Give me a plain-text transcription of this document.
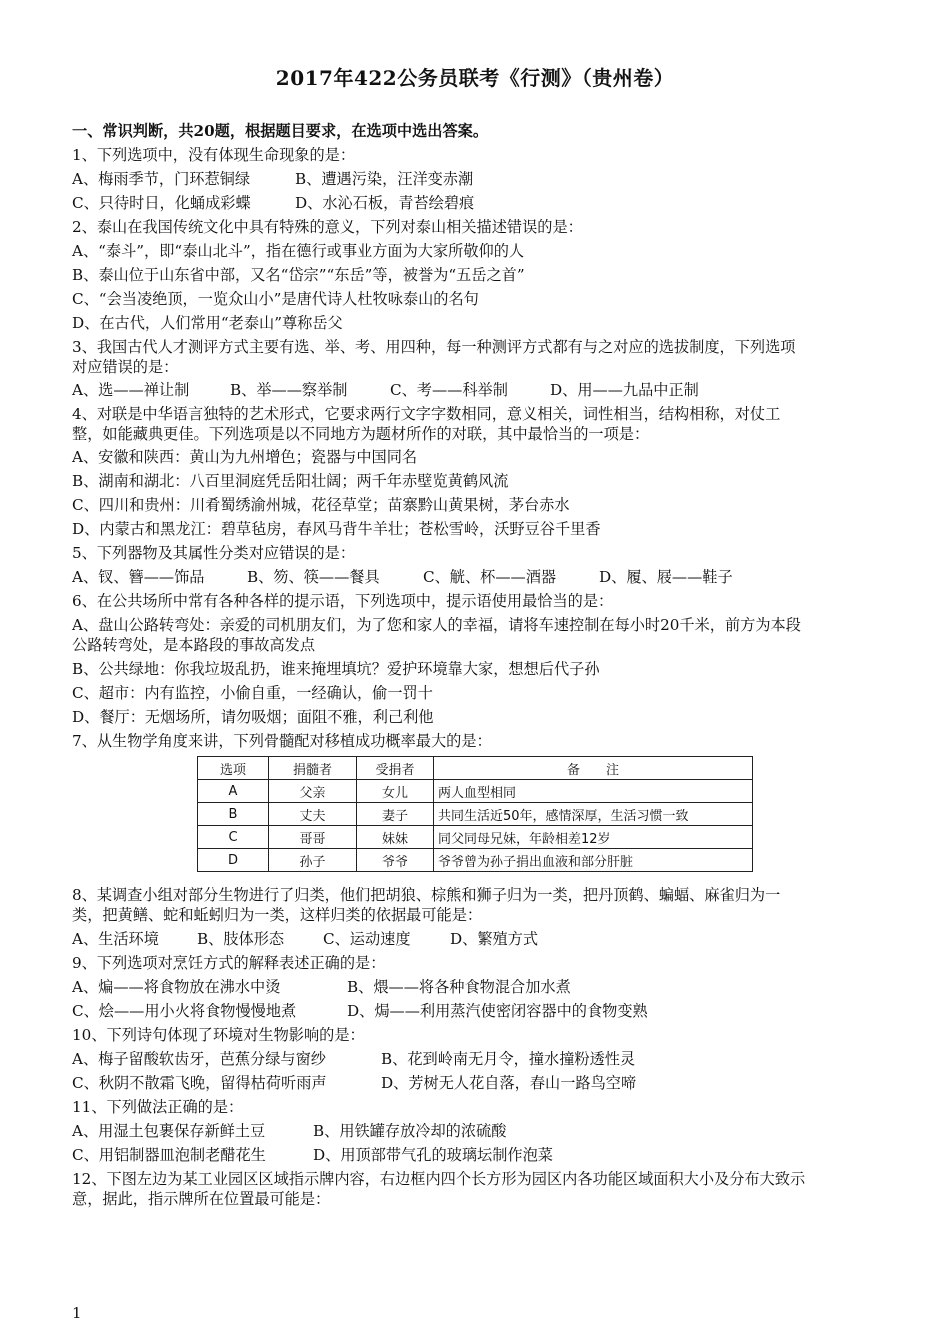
2017年422公务员联考《行测》（贵州卷）
一、常识判断，共20题，根据题目要求，在选项中选出答案。
1、下列选项中，没有体现生命现象的是：
A、梅雨季节，门环惹铜绿	B、遭遇污染，汪洋变赤潮
C、只待时日，化蛹成彩蝶	D、水沁石板，青苔绘碧痕
2、泰山在我国传统文化中具有特殊的意义，下列对泰山相关描述错误的是：
A、“泰斗”，即“泰山北斗”，指在德行或事业方面为大家所敬仰的人
B、泰山位于山东省中部，又名“岱宗”“东岳”等，被誉为“五岳之首”
C、“会当凌绝顶，一览众山小”是唐代诗人杜牧咏泰山的名句
D、在古代，人们常用“老泰山”尊称岳父
3、我国古代人才测评方式主要有选、举、考、用四种，每一种测评方式都有与之对应的选拔制度，下列选项
对应错误的是：
A、选——禅让制	B、举——察举制	C、考——科举制	D、用——九品中正制
4、对联是中华语言独特的艺术形式，它要求两行文字字数相同，意义相关，词性相当，结构相称，对仗工
整，如能藏典更佳。下列选项是以不同地方为题材所作的对联，其中最恰当的一项是：
A、安徽和陕西：黄山为九州增色；瓷器与中国同名
B、湖南和湖北：八百里洞庭凭岳阳壮阔；两千年赤壁览黄鹤风流
C、四川和贵州：川肴蜀绣渝州城，花径草堂；苗寨黔山黄果树，茅台赤水
D、内蒙古和黑龙江：碧草毡房，春风马背牛羊壮；苍松雪岭，沃野豆谷千里香
5、下列器物及其属性分类对应错误的是：
A、钗、簪——饰品	B、笏、筷——餐具	C、觥、杯——酒器	D、履、屐——鞋子
6、在公共场所中常有各种各样的提示语，下列选项中，提示语使用最恰当的是：
A、盘山公路转弯处：亲爱的司机朋友们，为了您和家人的幸福，请将车速控制在每小时20千米，前方为本段
公路转弯处，是本路段的事故高发点
B、公共绿地：你我垃圾乱扔，谁来掩埋填坑？爱护环境靠大家，想想后代子孙
C、超市：内有监控，小偷自重，一经确认，偷一罚十
D、餐厅：无烟场所，请勿吸烟；面阻不雅，利己利他
7、从生物学角度来讲，下列骨髓配对移植成功概率最大的是：
选项	捐髓者	受捐者	备　　注
A	父亲	女儿	两人血型相同
B	丈夫	妻子	共同生活近50年，感情深厚，生活习惯一致
C	哥哥	妹妹	同父同母兄妹，年龄相差12岁
D	孙子	爷爷	爷爷曾为孙子捐出血液和部分肝脏
8、某调查小组对部分生物进行了归类，他们把胡狼、棕熊和狮子归为一类，把丹顶鹤、蝙蝠、麻雀归为一
类，把黄鳝、蛇和蚯蚓归为一类，这样归类的依据最可能是：
A、生活环境	B、肢体形态	C、运动速度	D、繁殖方式
9、下列选项对烹饪方式的解释表述正确的是：
A、煸——将食物放在沸水中烫	B、煨——将各种食物混合加水煮
C、烩——用小火将食物慢慢地煮	D、焗——利用蒸汽使密闭容器中的食物变熟
10、下列诗句体现了环境对生物影响的是：
A、梅子留酸软齿牙，芭蕉分绿与窗纱	B、花到岭南无月令，撞水撞粉透性灵
C、秋阴不散霜飞晚，留得枯荷听雨声	D、芳树无人花自落，春山一路鸟空啼
11、下列做法正确的是：
A、用湿土包裹保存新鲜土豆	B、用铁罐存放冷却的浓硫酸
C、用铝制器皿泡制老醋花生	D、用顶部带气孔的玻璃坛制作泡菜
12、下图左边为某工业园区区域指示牌内容，右边框内四个长方形为园区内各功能区域面积大小及分布大致示
意，据此，指示牌所在位置最可能是：
1
